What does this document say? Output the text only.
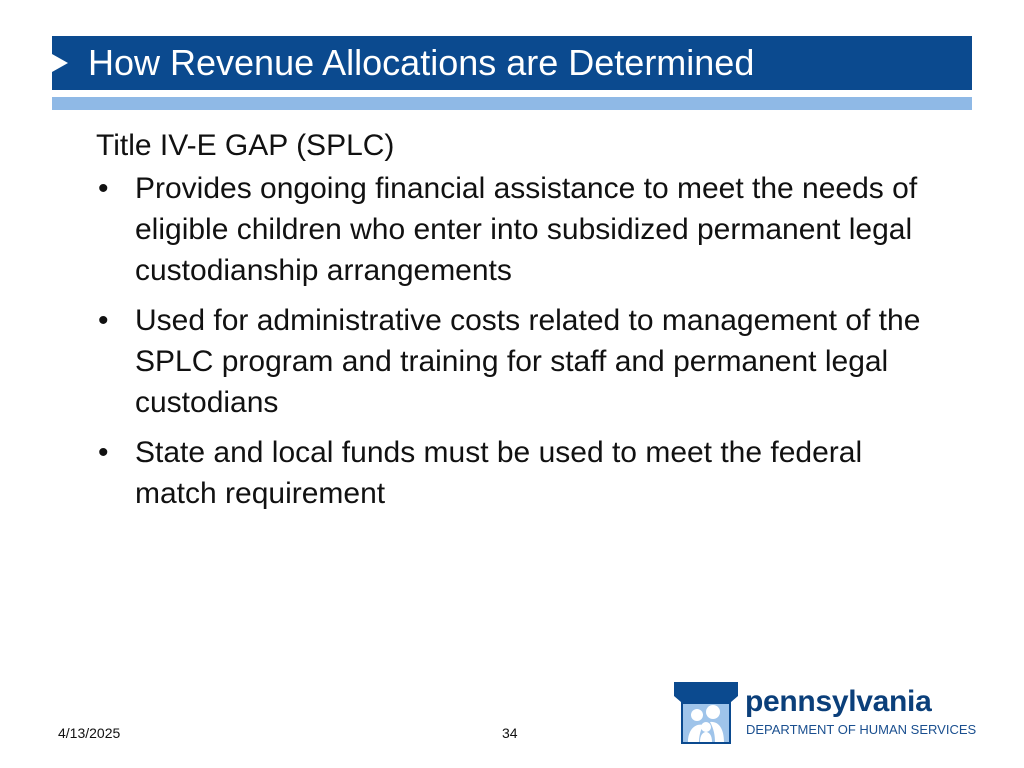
How Revenue Allocations are Determined
Title IV-E GAP (SPLC)
• Provides ongoing financial assistance to meet the needs of eligible children who enter into subsidized permanent legal custodianship arrangements
• Used for administrative costs related to management of the SPLC program and training for staff and permanent legal custodians
• State and local funds must be used to meet the federal match requirement
4/13/2025	34
pennsylvania
DEPARTMENT OF HUMAN SERVICES
